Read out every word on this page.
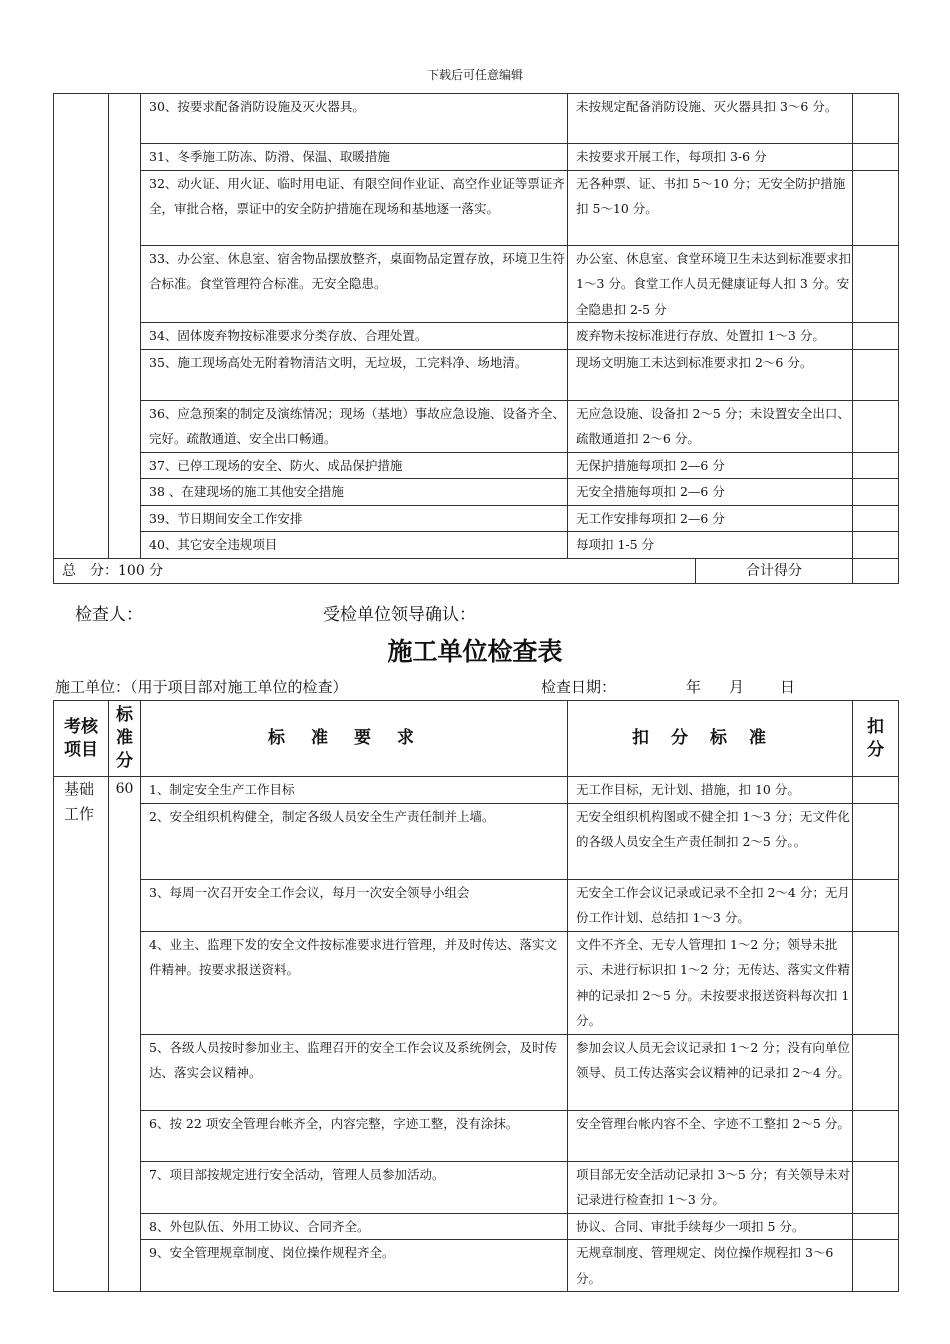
下载后可任意编辑
		30、按要求配备消防设施及灭火器具。	未按规定配备消防设施、灭火器具扣 3～6 分。	
		31、冬季施工防冻、防滑、保温、取暖措施	未按要求开展工作，每项扣 3-6 分	
		32、动火证、用火证、临时用电证、有限空间作业证、高空作业证等票证齐全，审批合格，票证中的安全防护措施在现场和基地逐一落实。	无各种票、证、书扣 5～10 分；无安全防护措施扣 5～10 分。	
		33、办公室、休息室、宿舍物品摆放整齐，桌面物品定置存放，环境卫生符合标准。食堂管理符合标准。无安全隐患。	办公室、休息室、食堂环境卫生未达到标准要求扣 1～3 分。食堂工作人员无健康证每人扣 3 分。安全隐患扣 2-5 分	
		34、固体废弃物按标准要求分类存放、合理处置。	废弃物未按标准进行存放、处置扣 1～3 分。	
		35、施工现场高处无附着物清洁文明，无垃圾，工完料净、场地清。	现场文明施工未达到标准要求扣 2～6 分。	
		36、应急预案的制定及演练情况；现场（基地）事故应急设施、设备齐全、完好。疏散通道、安全出口畅通。	无应急设施、设备扣 2～5 分；未设置安全出口、疏散通道扣 2～6 分。	
		37、已停工现场的安全、防火、成品保护措施	无保护措施每项扣 2—6 分	
		38 、在建现场的施工其他安全措施	无安全措施每项扣 2—6 分	
		39、节日期间安全工作安排	无工作安排每项扣 2—6 分	
		40、其它安全违规项目	每项扣 1-5 分	

总　分：100 分 合计得分				

检查人：	受检单位领导确认：
施工单位检查表
施工单位：（用于项目部对施工单位的检查）	检查日期：	年 月 日
考核项目	标准分	标准要求	扣分标准	扣分
基础工作	60	1、制定安全生产工作目标	无工作目标，无计划、措施，扣 10 分。	
		2、安全组织机构健全，制定各级人员安全生产责任制并上墙。	无安全组织机构图或不健全扣 1～3 分；无文件化的各级人员安全生产责任制扣 2～5 分。。	
		3、每周一次召开安全工作会议，每月一次安全领导小组会	无安全工作会议记录或记录不全扣 2～4 分；无月份工作计划、总结扣 1～3 分。	
		4、业主、监理下发的安全文件按标准要求进行管理，并及时传达、落实文件精神。按要求报送资料。	文件不齐全、无专人管理扣 1～2 分；领导未批示、未进行标识扣 1～2 分；无传达、落实文件精神的记录扣 2～5 分。未按要求报送资料每次扣 1 分。	
		5、各级人员按时参加业主、监理召开的安全工作会议及系统例会，及时传达、落实会议精神。	参加会议人员无会议记录扣 1～2 分；没有向单位领导、员工传达落实会议精神的记录扣 2～4 分。	
		6、按 22 项安全管理台帐齐全，内容完整，字迹工整，没有涂抹。	安全管理台帐内容不全、字迹不工整扣 2～5 分。	
		7、项目部按规定进行安全活动，管理人员参加活动。	项目部无安全活动记录扣 3～5 分；有关领导未对记录进行检查扣 1～3 分。	
		8、外包队伍、外用工协议、合同齐全。	协议、合同、审批手续每少一项扣 5 分。	
		9、安全管理规章制度、岗位操作规程齐全。	无规章制度、管理规定、岗位操作规程扣 3～6 分。	
